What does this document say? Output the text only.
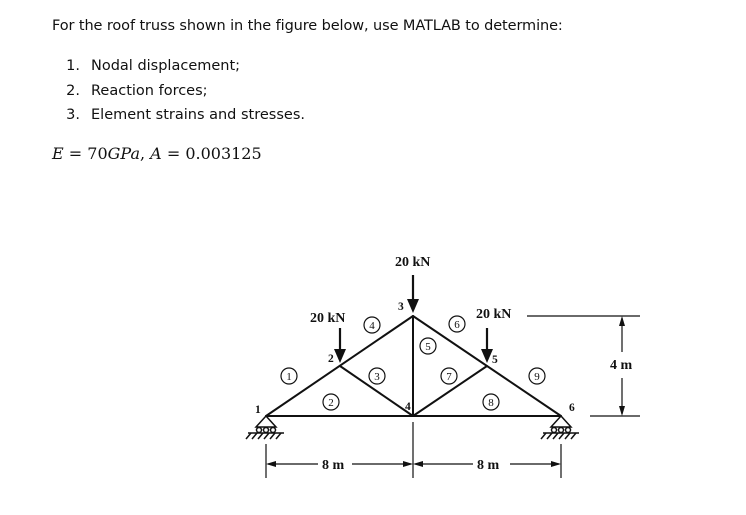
For the roof truss shown in the figure below, use MATLAB to determine:
1. Nodal displacement;
2. Reaction forces;
3. Element strains and stresses.
E = 70GPa, A = 0.003125
20 kN
20 kN	20 kN
1
2
3
4
5
6
1
2
3
4
5
6
7
8
9
8 m	8 m
4 m
